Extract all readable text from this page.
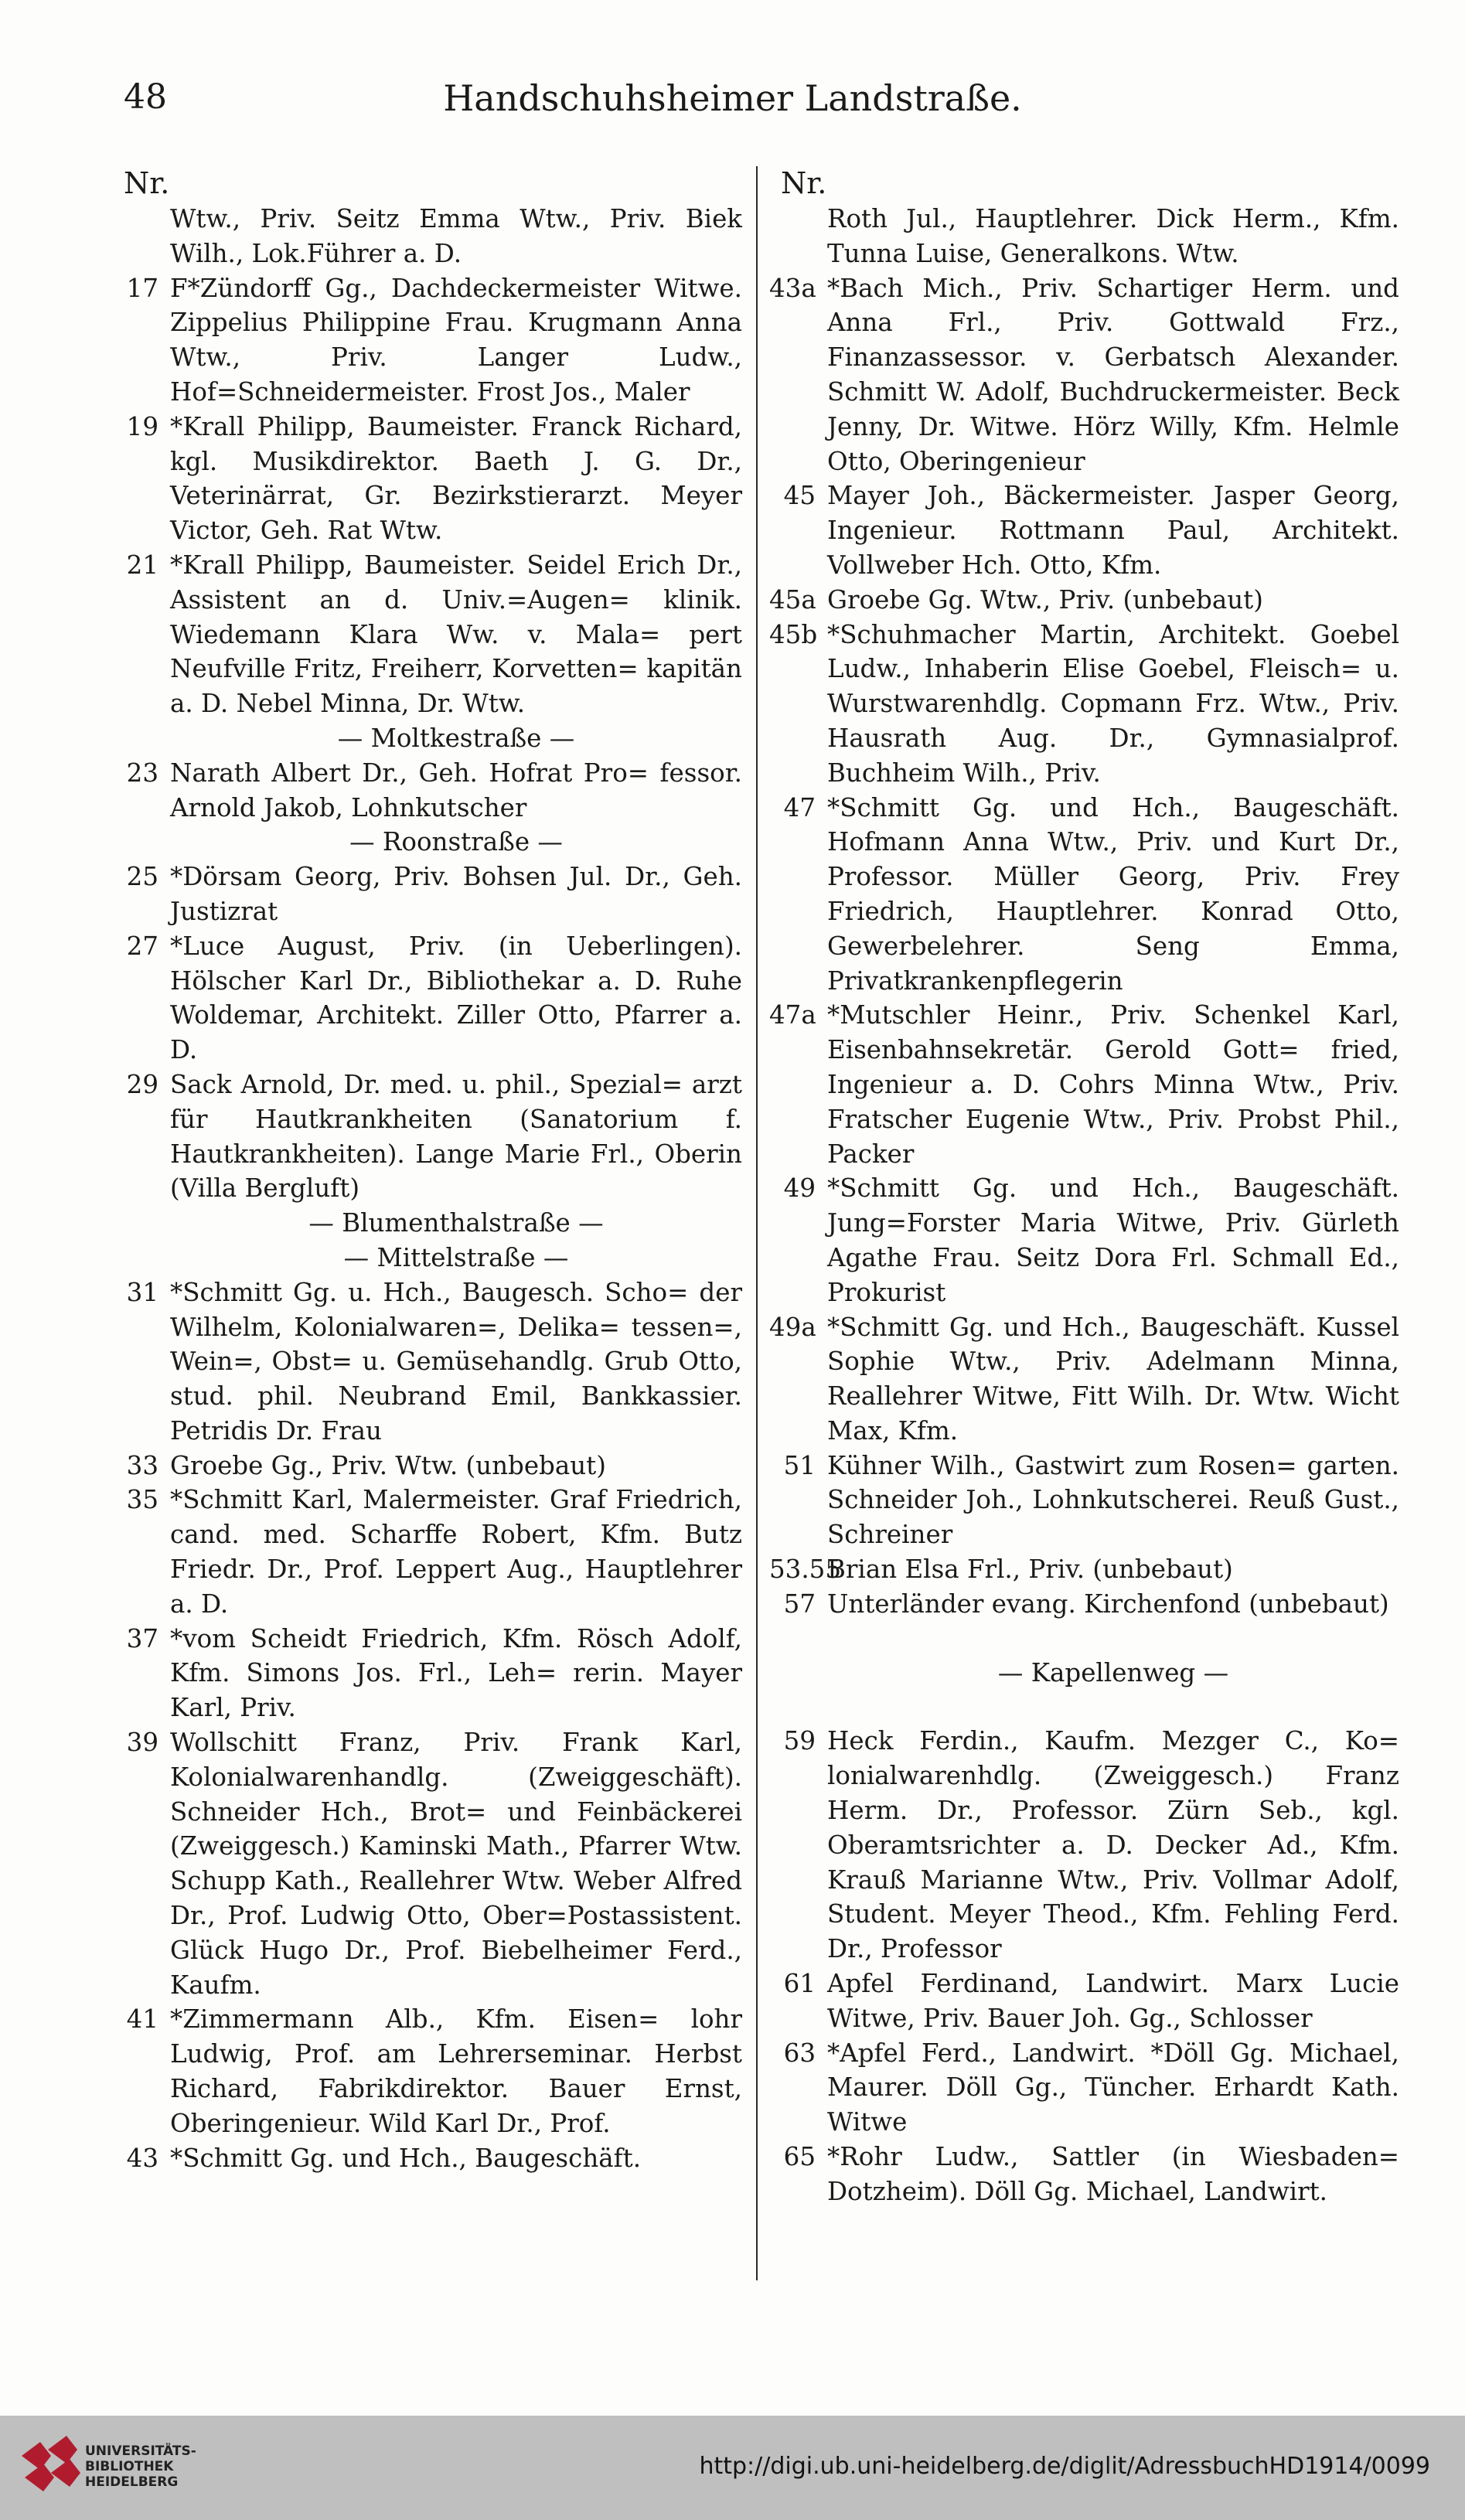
48	Handschuhsheimer Landstraße.
Nr.
Wtw., Priv. Seitz Emma Wtw., Priv. Biek Wilh., Lok.Führer a. D.
17 F*Zündorff Gg., Dachdeckermeister Witwe. Zippelius Philippine Frau. Krugmann Anna Wtw., Priv. Langer Ludw., Hof=Schneidermeister. Frost Jos., Maler
19 *Krall Philipp, Baumeister. Franck Richard, kgl. Musikdirektor. Baeth J. G. Dr., Veterinärrat, Gr. Bezirkstierarzt. Meyer Victor, Geh. Rat Wtw.
21 *Krall Philipp, Baumeister. Seidel Erich Dr., Assistent an d. Univ.=Augen= klinik. Wiedemann Klara Ww. v. Mala= pert Neufville Fritz, Freiherr, Korvetten= kapitän a. D. Nebel Minna, Dr. Wtw.
— Moltkestraße —
23 Narath Albert Dr., Geh. Hofrat Pro= fessor. Arnold Jakob, Lohnkutscher
— Roonstraße —
25 *Dörsam Georg, Priv. Bohsen Jul. Dr., Geh. Justizrat
27 *Luce August, Priv. (in Ueberlingen). Hölscher Karl Dr., Bibliothekar a. D. Ruhe Woldemar, Architekt. Ziller Otto, Pfarrer a. D.
29 Sack Arnold, Dr. med. u. phil., Spezial= arzt für Hautkrankheiten (Sanatorium f. Hautkrankheiten). Lange Marie Frl., Oberin (Villa Bergluft)
— Blumenthalstraße —
— Mittelstraße —
31 *Schmitt Gg. u. Hch., Baugesch. Scho= der Wilhelm, Kolonialwaren=, Delika= tessen=, Wein=, Obst= u. Gemüsehandlg. Grub Otto, stud. phil. Neubrand Emil, Bankkassier. Petridis Dr. Frau
33 Groebe Gg., Priv. Wtw. (unbebaut)
35 *Schmitt Karl, Malermeister. Graf Friedrich, cand. med. Scharffe Robert, Kfm. Butz Friedr. Dr., Prof. Leppert Aug., Hauptlehrer a. D.
37 *vom Scheidt Friedrich, Kfm. Rösch Adolf, Kfm. Simons Jos. Frl., Leh= rerin. Mayer Karl, Priv.
39 Wollschitt Franz, Priv. Frank Karl, Kolonialwarenhandlg. (Zweiggeschäft). Schneider Hch., Brot= und Feinbäckerei (Zweiggesch.) Kaminski Math., Pfarrer Wtw. Schupp Kath., Reallehrer Wtw. Weber Alfred Dr., Prof. Ludwig Otto, Ober=Postassistent. Glück Hugo Dr., Prof. Biebelheimer Ferd., Kaufm.
41 *Zimmermann Alb., Kfm. Eisen= lohr Ludwig, Prof. am Lehrerseminar. Herbst Richard, Fabrikdirektor. Bauer Ernst, Oberingenieur. Wild Karl Dr., Prof.
43 *Schmitt Gg. und Hch., Baugeschäft.
Nr.
Roth Jul., Hauptlehrer. Dick Herm., Kfm. Tunna Luise, Generalkons. Wtw.
43a *Bach Mich., Priv. Schartiger Herm. und Anna Frl., Priv. Gottwald Frz., Finanzassessor. v. Gerbatsch Alexander. Schmitt W. Adolf, Buchdruckermeister. Beck Jenny, Dr. Witwe. Hörz Willy, Kfm. Helmle Otto, Oberingenieur
45 Mayer Joh., Bäckermeister. Jasper Georg, Ingenieur. Rottmann Paul, Architekt. Vollweber Hch. Otto, Kfm.
45a Groebe Gg. Wtw., Priv. (unbebaut)
45b *Schuhmacher Martin, Architekt. Goebel Ludw., Inhaberin Elise Goebel, Fleisch= u. Wurstwarenhdlg. Copmann Frz. Wtw., Priv. Hausrath Aug. Dr., Gymnasialprof. Buchheim Wilh., Priv.
47 *Schmitt Gg. und Hch., Baugeschäft. Hofmann Anna Wtw., Priv. und Kurt Dr., Professor. Müller Georg, Priv. Frey Friedrich, Hauptlehrer. Konrad Otto, Gewerbelehrer. Seng Emma, Privatkrankenpflegerin
47a *Mutschler Heinr., Priv. Schenkel Karl, Eisenbahnsekretär. Gerold Gott= fried, Ingenieur a. D. Cohrs Minna Wtw., Priv. Fratscher Eugenie Wtw., Priv. Probst Phil., Packer
49 *Schmitt Gg. und Hch., Baugeschäft. Jung=Forster Maria Witwe, Priv. Gürleth Agathe Frau. Seitz Dora Frl. Schmall Ed., Prokurist
49a *Schmitt Gg. und Hch., Baugeschäft. Kussel Sophie Wtw., Priv. Adelmann Minna, Reallehrer Witwe, Fitt Wilh. Dr. Wtw. Wicht Max, Kfm.
51 Kühner Wilh., Gastwirt zum Rosen= garten. Schneider Joh., Lohnkutscherei. Reuß Gust., Schreiner
53.55
Brian Elsa Frl., Priv. (unbebaut)
57 Unterländer evang. Kirchenfond (unbebaut)
— Kapellenweg —
59 Heck Ferdin., Kaufm. Mezger C., Ko= lonialwarenhdlg. (Zweiggesch.) Franz Herm. Dr., Professor. Zürn Seb., kgl. Oberamtsrichter a. D. Decker Ad., Kfm. Krauß Marianne Wtw., Priv. Vollmar Adolf, Student. Meyer Theod., Kfm. Fehling Ferd. Dr., Professor
61 Apfel Ferdinand, Landwirt. Marx Lucie Witwe, Priv. Bauer Joh. Gg., Schlosser
63 *Apfel Ferd., Landwirt. *Döll Gg. Michael, Maurer. Döll Gg., Tüncher. Erhardt Kath. Witwe
65 *Rohr Ludw., Sattler (in Wiesbaden= Dotzheim). Döll Gg. Michael, Landwirt.
UNIVERSITÄTS-
BIBLIOTHEK
HEIDELBERG
http://digi.ub.uni-heidelberg.de/diglit/AdressbuchHD1914/0099
